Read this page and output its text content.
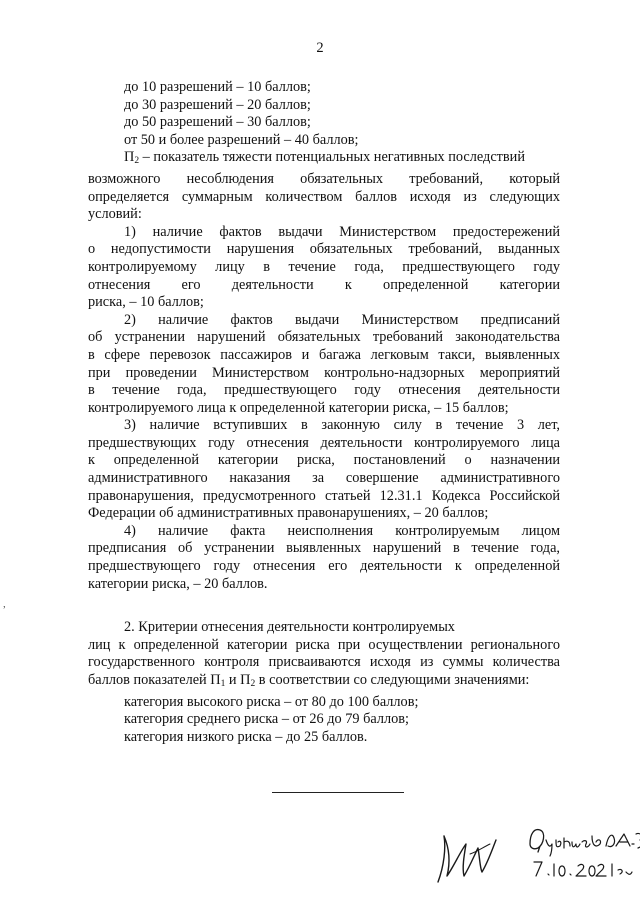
2
до 10 разрешений – 10 баллов;
до 30 разрешений – 20 баллов;
до 50 разрешений – 30 баллов;
от 50 и более разрешений – 40 баллов;
$П_2$ – показатель тяжести потенциальных негативных последствий
возможного несоблюдения обязательных требований, который
определяется суммарным количеством баллов исходя из следующих
условий:
1) наличие фактов выдачи Министерством предостережений
о недопустимости нарушения обязательных требований, выданных
контролируемому лицу в течение года, предшествующего году
отнесения его деятельности к определенной категории
риска, – 10 баллов;
2) наличие фактов выдачи Министерством предписаний
об устранении нарушений обязательных требований законодательства
в сфере перевозок пассажиров и багажа легковым такси, выявленных
при проведении Министерством контрольно-надзорных мероприятий
в течение года, предшествующего году отнесения деятельности
контролируемого лица к определенной категории риска, – 15 баллов;
3) наличие вступивших в законную силу в течение 3 лет,
предшествующих году отнесения деятельности контролируемого лица
к определенной категории риска, постановлений о назначении
административного наказания за совершение административного
правонарушения, предусмотренного статьей 12.31.1 Кодекса Российской
Федерации об административных правонарушениях, – 20 баллов;
4) наличие факта неисполнения контролируемым лицом
предписания об устранении выявленных нарушений в течение года,
предшествующего году отнесения его деятельности к определенной
категории риска, – 20 баллов.
2. Критерии отнесения деятельности контролируемых
лиц к определенной категории риска при осуществлении регионального
государственного контроля присваиваются исходя из суммы количества
баллов показателей $П_1$ и $П_2$ в соответствии со следующими значениями:
категория высокого риска – от 80 до 100 баллов;
категория среднего риска – от 26 до 79 баллов;
категория низкого риска – до 25 баллов.
,
